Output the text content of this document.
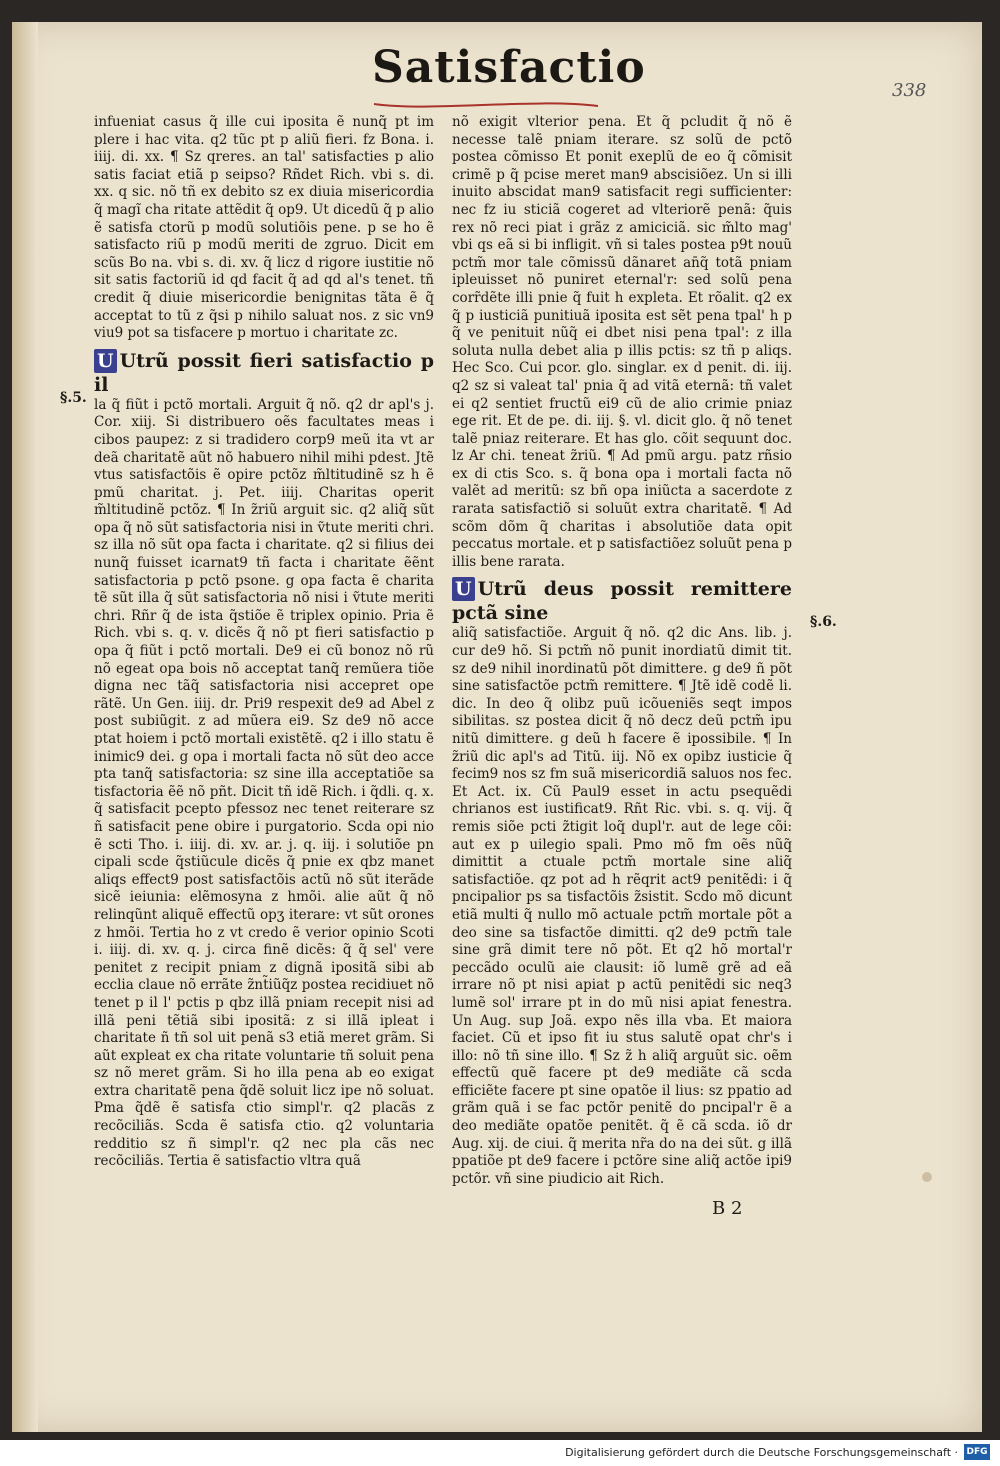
Satisfactio	338

infueniat casus q̃ ille cui iposita ẽ nunq̃ pt im plere i hac vita. q2 tũc pt p aliũ fieri. fz Bona. i. iiij. di. xx. ¶ Sz qreres. an tal' satisfacties p alio satis faciat etiã p seipso? Rñdet Rich. vbi s. di. xx. q sic. nõ tñ ex debito sz ex diuia misericordia q̃ magĩ cha ritate attẽdit q̃ op9. Ut dicedũ q̃ p alio ẽ satisfa ctorũ p modũ solutiõis pene. p se ho ẽ satisfacto riũ p modũ meriti de zgruo. Dicit em scũs Bo na. vbi s. di. xv. q̃ licz d rigore iustitie nõ sit satis factoriũ id qd facit q̃ ad qd al's tenet. tñ credit q̃ diuie misericordie benignitas tãta ẽ q̃ acceptat to tũ z q̃si p nihilo saluat nos. z sic vn9 viu9 pot sa tisfacere p mortuo i charitate zc.

U Utrũ possit fieri satisfactio p il

la q̃ fiũt i pctõ mortali. Arguit q̃ nõ. q2 dr apl's j. Cor. xiij. Si distribuero oẽs facultates meas i cibos paupez: z si tradidero corp9 meũ ita vt ar deã charitatẽ aũt nõ habuero nihil mihi pdest. Jtẽ vtus satisfactõis ẽ opire pctõz m̃ltitudinẽ sz h ẽ pmũ charitat. j. Pet. iiij. Charitas operit m̃ltitudinẽ pctõz. ¶ In z̃riũ arguit sic. q2 aliq̃ sũt opa q̃ nõ sũt satisfactoria nisi in ṽtute meriti chri. sz illa nõ sũt opa facta i charitate. q2 si filius dei nunq̃ fuisset icarnat9 tñ facta i charitate ẽẽnt satisfactoria p pctõ psone. g opa facta ẽ charita tẽ sũt illa q̃ sũt satisfactoria nõ nisi i ṽtute meriti chri. Rñr q̃ de ista q̃stiõe ẽ triplex opinio. Pria ẽ Rich. vbi s. q. v. dicẽs q̃ nõ pt fieri satisfactio p opa q̃ fiũt i pctõ mortali. De9 ei cũ bonoz nõ rũ nõ egeat opa bois nõ acceptat tanq̃ remũera tiõe digna nec tãq̃ satisfactoria nisi accepret ope rãtẽ. Un Gen. iiij. dr. Pri9 respexit de9 ad Abel z post subiũgit. z ad mũera ei9. Sz de9 nõ acce ptat hoiem i pctõ mortali existẽtẽ. q2 i illo statu ẽ inimic9 dei. g opa i mortali facta nõ sũt deo acce pta tanq̃ satisfactoria: sz sine illa acceptatiõe sa tisfactoria ẽẽ nõ pñt. Dicit tñ idẽ Rich. i q̃dli. q. x. q̃ satisfacit pcepto pfessoz nec tenet reiterare sz ñ satisfacit pene obire i purgatorio. Scda opi nio ẽ scti Tho. i. iiij. di. xv. ar. j. q. iij. i solutiõe pn cipali scde q̃stiũcule dicẽs q̃ pnie ex qbz manet aliqs effect9 post satisfactõis actũ nõ sũt iterãde sicẽ ieiunia: elẽmosyna z hmõi. alie aũt q̃ nõ relinqũnt aliquẽ effectũ opʒ iterare: vt sũt orones z hmõi. Tertia ho z vt credo ẽ verior opinio Scoti i. iiij. di. xv. q. j. circa finẽ dicẽs: q̃ q̃ sel' vere penitet z recipit pniam z dignã ipositã sibi ab ecclia claue nõ errãte z̃nt̃iũq̃z postea recidiuet nõ tenet p il l' pctis p qbz illã pniam recepit nisi ad illã peni tẽtiã sibi ipositã: z si illã ipleat i charitate ñ tñ sol uit penã s3 etiã meret grãm. Si aũt expleat ex cha ritate voluntarie tñ soluit pena sz nõ meret grãm. Si ho illa pena ab eo exigat extra charitatẽ pena q̃dẽ soluit licz ipe nõ soluat. Pma q̃dẽ ẽ satisfa ctio simpl'r. q2 placãs z recõciliãs. Scda ẽ satisfa ctio. q2 voluntaria redditio sz ñ simpl'r. q2 nec pla cãs nec recõciliãs. Tertia ẽ satisfactio vltra quã

nõ exigit vlterior pena. Et q̃ pcludit q̃ nõ ẽ necesse talẽ pniam iterare. sz solũ de pctõ postea cõmisso Et ponit exeplũ de eo q̃ cõmisit crimẽ p q̃ pcise meret man9 abscisiõez. Un si illi inuito abscidat man9 satisfacit regi sufficienter: nec fz iu sticiã cogeret ad vlteriorẽ penã: q̃uis rex nõ reci piat i grãz z amiciciã. sic m̃lto mag' vbi qs eã si bi infligit. vñ si tales postea p9t nouũ pctm̃ mor tale cõmissũ dãnaret an̄q̃ totã pniam ipleuisset nõ puniret eternal'r: sed solũ pena corr̃dẽte illi pnie q̃ fuit h expleta. Et rõalit. q2 ex q̃ p iusticiã punitiuã iposita est sẽt pena tpal' h p q̃ ve penituit nũq̃ ei dbet nisi pena tpal': z illa soluta nulla debet alia p illis pctis: sz tñ p aliqs. Hec Sco. Cui pcor. glo. singlar. ex d penit. di. iij. q2 sz si valeat tal' pnia q̃ ad vitã eternã: tñ valet ei q2 sentiet fructũ ei9 cũ de alio crimie pniaz ege rit. Et de pe. di. iij. §. vl. dicit glo. q̃ nõ tenet talẽ pniaz reiterare. Et has glo. cõit sequunt doc. lz Ar chi. teneat z̃riũ. ¶ Ad pmũ argu. patz rñsio ex di ctis Sco. s. q̃ bona opa i mortali facta nõ valẽt ad meritũ: sz bñ opa iniũcta a sacerdote z rarata satisfactiõ si soluũt extra charitatẽ. ¶ Ad scõm dõm q̃ charitas i absolutiõe data opit peccatus mortale. et p satisfactiõez soluũt pena p illis bene rarata.

U Utrũ deus possit remittere pctã sine

aliq̃ satisfactiõe. Arguit q̃ nõ. q2 dic Ans. lib. j. cur de9 hõ. Si pctm̃ nõ punit inordiatũ dimit tit. sz de9 nihil inordinatũ põt dimittere. g de9 ñ põt sine satisfactõe pctm̃ remittere. ¶ Jtẽ idẽ codẽ li. dic. In deo q̃ olibz puũ icõueniẽs seqt impos sibilitas. sz postea dicit q̃ nõ decz deũ pctm̃ ipu nitũ dimittere. g deũ h facere ẽ ipossibile. ¶ In z̃riũ dic apl's ad Titũ. iij. Nõ ex opibz iusticie q̃ fecim9 nos sz fm suã misericordiã saluos nos fec. Et Act. ix. Cũ Paul9 esset in actu psequẽdi chrianos est iustificat9. Rñt Ric. vbi. s. q. vij. q̃ remis siõe pcti z̃tigit loq̃ dupl'r. aut de lege cõi: aut ex p uilegio spali. Pmo mõ fm oẽs nũq̃ dimittit a ctuale pctm̃ mortale sine aliq̃ satisfactiõe. qz pot ad h rẽqrit act9 penitẽdi: i q̃ pncipalior ps sa tisfactõis z̃sistit. Scdo mõ dicunt etiã multi q̃ nullo mõ actuale pctm̃ mortale põt a deo sine sa tisfactõe dimitti. q2 de9 pctm̃ tale sine grã dimit tere nõ põt. Et q2 hõ mortal'r peccãdo oculũ aie clausit: iõ lumẽ grẽ ad eã irrare nõ pt nisi apiat p actũ penitẽdi sic neq3 lumẽ sol' irrare pt in do mũ nisi apiat fenestra. Un Aug. sup Joã. expo nẽs illa vba. Et maiora faciet. Cũ et ipso fit iu stus salutẽ opat chr's i illo: nõ tñ sine illo. ¶ Sz z̃ h aliq̃ arguũt sic. oẽm effectũ quẽ facere pt de9 mediãte cã scda efficiẽte facere pt sine opatõe il lius: sz ppatio ad grãm quã i se fac pctõr penitẽ do pncipal'r ẽ a deo mediãte opatõe penitẽt. q̃ ẽ cã scda. iõ dr Aug. xij. de ciui. q̃ merita nr̃a do na dei sũt. g illã ppatiõe pt de9 facere i pctõre sine aliq̃ actõe ipi9 pctõr. vñ sine piudicio ait Rich.

§.5.
§.6.
B 2
Digitalisierung gefördert durch die Deutsche Forschungsgemeinschaft · DFG
